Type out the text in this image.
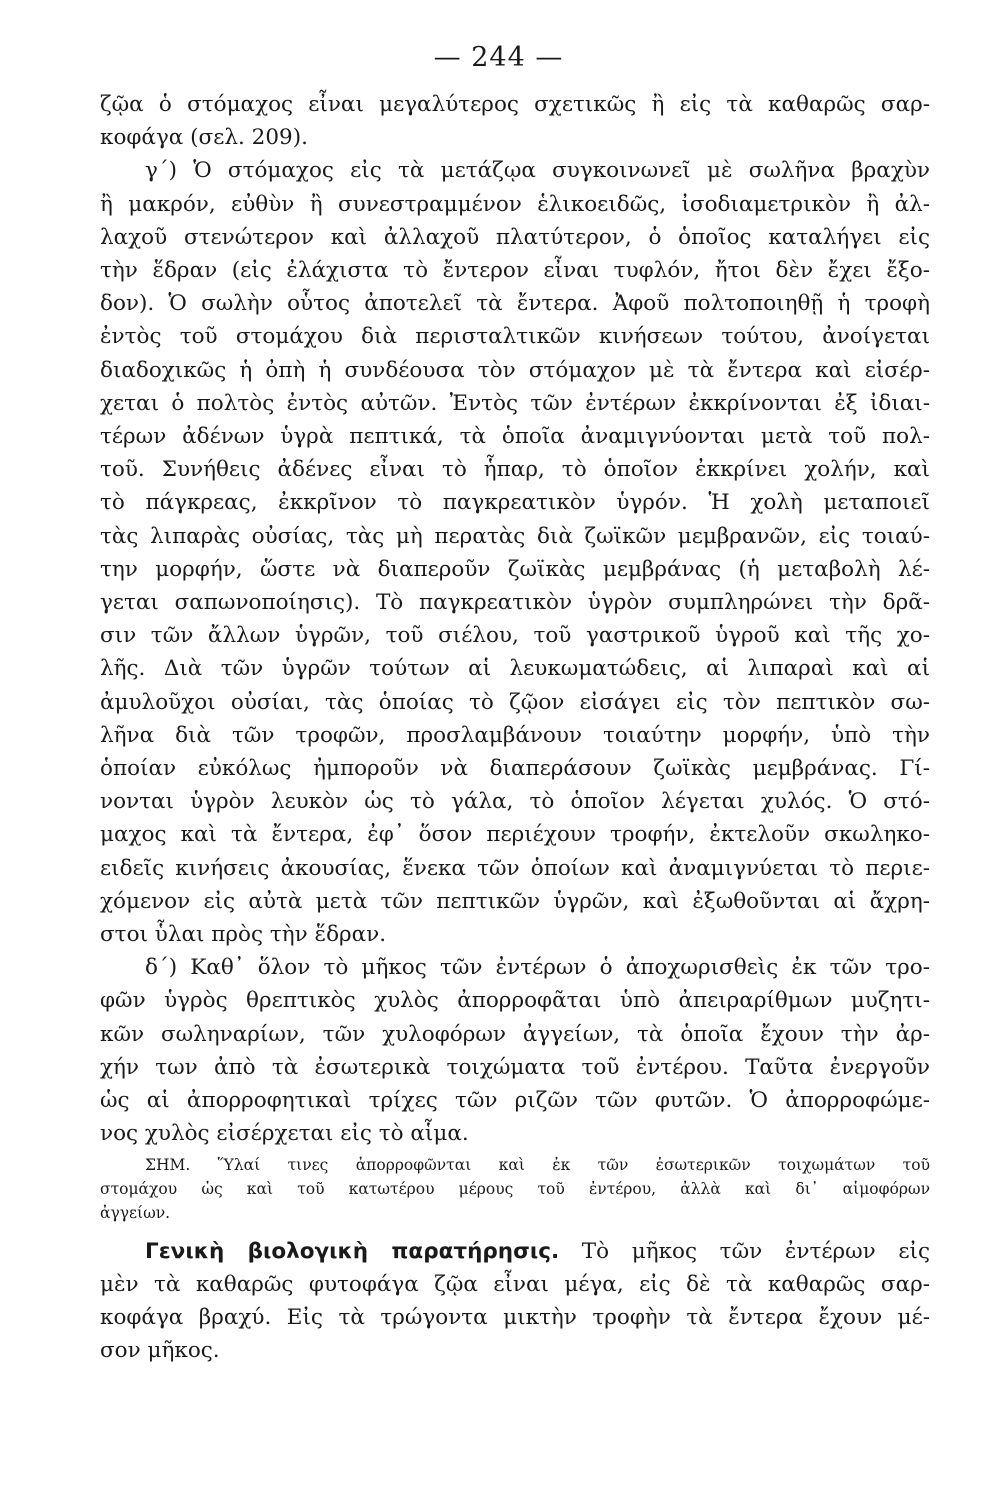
— 244 —
ζῷα ὁ στόμαχος εἶναι μεγαλύτερος σχετικῶς ἢ εἰς τὰ καθαρῶς σαρ-
κοφάγα (σελ. 209).
γ´) Ὁ στόμαχος εἰς τὰ μετάζῳα συγκοινωνεῖ μὲ σωλῆνα βραχὺν
ἢ μακρόν, εὐθὺν ἢ συνεστραμμένον ἑλικοειδῶς, ἰσοδιαμετρικὸν ἢ ἀλ-
λαχοῦ στενώτερον καὶ ἀλλαχοῦ πλατύτερον, ὁ ὁποῖος καταλήγει εἰς
τὴν ἕδραν (εἰς ἐλάχιστα τὸ ἔντερον εἶναι τυφλόν, ἤτοι δὲν ἔχει ἔξο-
δον). Ὁ σωλὴν οὗτος ἀποτελεῖ τὰ ἔντερα. Ἀφοῦ πολτοποιηθῇ ἡ τροφὴ
ἐντὸς τοῦ στομάχου διὰ περισταλτικῶν κινήσεων τούτου, ἀνοίγεται
διαδοχικῶς ἡ ὀπὴ ἡ συνδέουσα τὸν στόμαχον μὲ τὰ ἔντερα καὶ εἰσέρ-
χεται ὁ πολτὸς ἐντὸς αὐτῶν. Ἐντὸς τῶν ἐντέρων ἐκκρίνονται ἐξ ἰδιαι-
τέρων ἀδένων ὑγρὰ πεπτικά, τὰ ὁποῖα ἀναμιγνύονται μετὰ τοῦ πολ-
τοῦ. Συνήθεις ἀδένες εἶναι τὸ ἧπαρ, τὸ ὁποῖον ἐκκρίνει χολήν, καὶ
τὸ πάγκρεας, ἐκκρῖνον τὸ παγκρεατικὸν ὑγρόν. Ἡ χολὴ μεταποιεῖ
τὰς λιπαρὰς οὐσίας, τὰς μὴ περατὰς διὰ ζωϊκῶν μεμβρανῶν, εἰς τοιαύ-
την μορφήν, ὥστε νὰ διαπεροῦν ζωϊκὰς μεμβράνας (ἡ μεταβολὴ λέ-
γεται σαπωνοποίησις). Τὸ παγκρεατικὸν ὑγρὸν συμπληρώνει τὴν δρᾶ-
σιν τῶν ἄλλων ὑγρῶν, τοῦ σιέλου, τοῦ γαστρικοῦ ὑγροῦ καὶ τῆς χο-
λῆς. Διὰ τῶν ὑγρῶν τούτων αἱ λευκωματώδεις, αἱ λιπαραὶ καὶ αἱ
ἀμυλοῦχοι οὐσίαι, τὰς ὁποίας τὸ ζῷον εἰσάγει εἰς τὸν πεπτικὸν σω-
λῆνα διὰ τῶν τροφῶν, προσλαμβάνουν τοιαύτην μορφήν, ὑπὸ τὴν
ὁποίαν εὐκόλως ἠμποροῦν νὰ διαπεράσουν ζωϊκὰς μεμβράνας. Γί-
νονται ὑγρὸν λευκὸν ὡς τὸ γάλα, τὸ ὁποῖον λέγεται χυλός. Ὁ στό-
μαχος καὶ τὰ ἔντερα, ἐφ᾽ ὅσον περιέχουν τροφήν, ἐκτελοῦν σκωληκο-
ειδεῖς κινήσεις ἀκουσίας, ἕνεκα τῶν ὁποίων καὶ ἀναμιγνύεται τὸ περιε-
χόμενον εἰς αὐτὰ μετὰ τῶν πεπτικῶν ὑγρῶν, καὶ ἐξωθοῦνται αἱ ἄχρη-
στοι ὗλαι πρὸς τὴν ἕδραν.
δ´) Καθ᾽ ὅλον τὸ μῆκος τῶν ἐντέρων ὁ ἀποχωρισθεὶς ἐκ τῶν τρο-
φῶν ὑγρὸς θρεπτικὸς χυλὸς ἀπορροφᾶται ὑπὸ ἀπειραρίθμων μυζητι-
κῶν σωληναρίων, τῶν χυλοφόρων ἀγγείων, τὰ ὁποῖα ἔχουν τὴν ἀρ-
χήν των ἀπὸ τὰ ἐσωτερικὰ τοιχώματα τοῦ ἐντέρου. Ταῦτα ἐνεργοῦν
ὡς αἱ ἀπορροφητικαὶ τρίχες τῶν ριζῶν τῶν φυτῶν. Ὁ ἀπορροφώμε-
νος χυλὸς εἰσέρχεται εἰς τὸ αἷμα.
ΣΗΜ. Ὕλαί τινες ἀπορροφῶνται καὶ ἐκ τῶν ἐσωτερικῶν τοιχωμάτων τοῦ
στομάχου ὡς καὶ τοῦ κατωτέρου μέρους τοῦ ἐντέρου, ἀλλὰ καὶ δι᾽ αἱμοφόρων
ἀγγείων.
Γενικὴ βιολογικὴ παρατήρησις. Τὸ μῆκος τῶν ἐντέρων εἰς
μὲν τὰ καθαρῶς φυτοφάγα ζῷα εἶναι μέγα, εἰς δὲ τὰ καθαρῶς σαρ-
κοφάγα βραχύ. Εἰς τὰ τρώγοντα μικτὴν τροφὴν τὰ ἔντερα ἔχουν μέ-
σον μῆκος.
